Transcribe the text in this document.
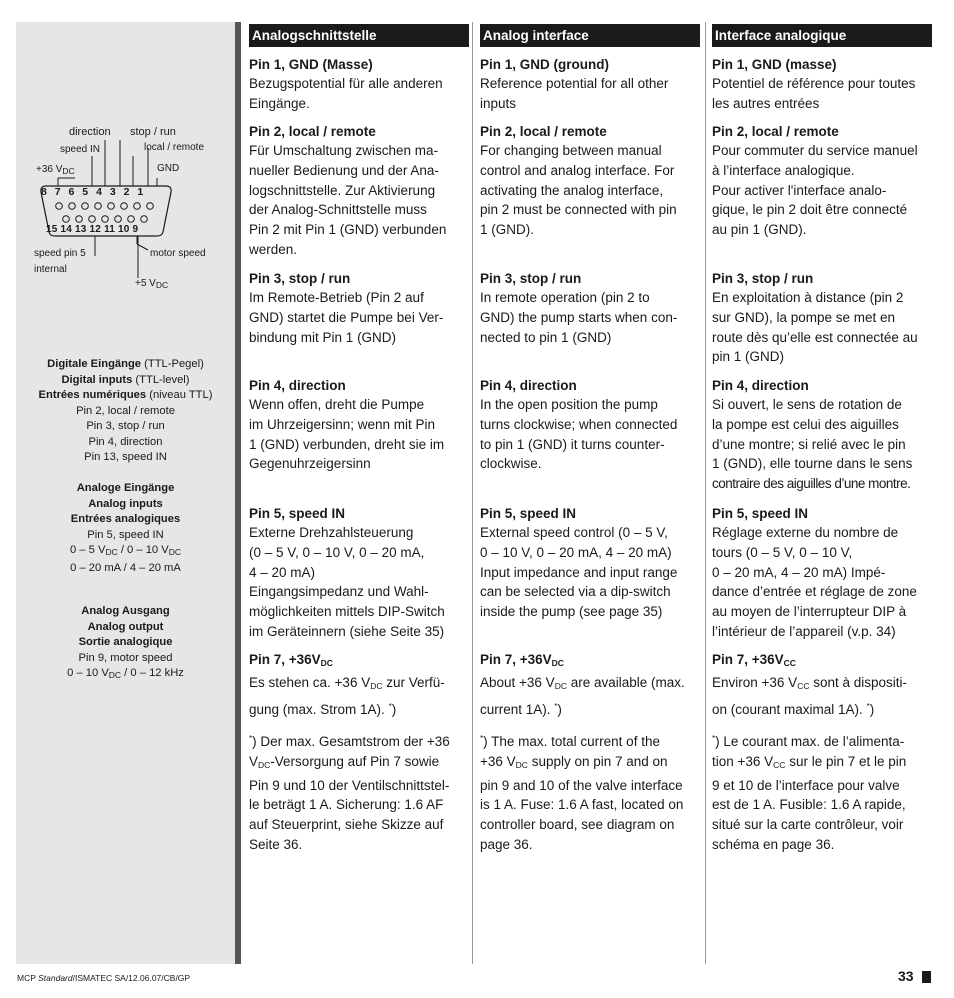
direction stop / run
speed IN	local / remote
+36 $V_{DC}$	GND
8 7 6 5 4 3 2 1
15 14 13 12 11 10 9
speed pin 5
internal
motor speed
+5 $V_{DC}$
Digitale Eingänge (TTL-Pegel)
Digital inputs (TTL-level)
Entrées numériques (niveau TTL)
Pin 2, local / remote
Pin 3, stop / run
Pin 4, direction
Pin 13, speed IN
Analoge Eingänge
Analog inputs
Entrées analogiques
Pin 5, speed IN
0 – 5 $V_{DC} / 0 - 10$ $V_{DC}$
0 – 20 mA / 4 – 20 mA
Analog Ausgang
Analog output
Sortie analogique
Pin 9, motor speed
0 – 10 $V_{DC} / 0 - 12$ kHz
Analogschnittstelle
Pin 1, GND (Masse)

Bezugspotential für alle anderen
Eingänge.

Pin 2, local / remote

Für Umschaltung zwischen ma-
nueller Bedienung und der Ana-
logschnittstelle. Zur Aktivierung
der Analog-Schnittstelle muss
Pin 2 mit Pin 1 (GND) verbunden
werden.

Pin 3, stop / run

Im Remote-Betrieb (Pin 2 auf
GND) startet die Pumpe bei Ver-
bindung mit Pin 1 (GND)

Pin 4, direction

Wenn offen, dreht die Pumpe
im Uhrzeigersinn; wenn mit Pin
1 (GND) verbunden, dreht sie im
Gegenuhrzeigersinn

Pin 5, speed IN

Externe Drehzahlsteuerung
(0 – 5 V, 0 – 10 V, 0 – 20 mA,
4 – 20 mA)
Eingangsimpedanz und Wahl-
möglichkeiten mittels DIP-Switch
im Geräteinnern (siehe Seite 35)

Pin 7, $+36V_{DC}$

Es stehen ca. +36 $V_{DC}$ zur Verfü-
gung (max. Strom 1A). *)

*) Der max. Gesamtstrom der +36
$V_{DC}$-Versorgung auf Pin 7 sowie
Pin 9 und 10 der Ventilschnittstel-
le beträgt 1 A. Sicherung: 1.6 AF
auf Steuerprint, siehe Skizze auf
Seite 36.

Analog interface
Pin 1, GND (ground)

Reference potential for all other
inputs

Pin 2, local / remote

For changing between manual
control and analog interface. For
activating the analog interface,
pin 2 must be connected with pin
1 (GND).

Pin 3, stop / run

In remote operation (pin 2 to
GND) the pump starts when con-
nected to pin 1 (GND)

Pin 4, direction

In the open position the pump
turns clockwise; when connected
to pin 1 (GND) it turns counter-
clockwise.

Pin 5, speed IN

External speed control (0 – 5 V,
0 – 10 V, 0 – 20 mA, 4 – 20 mA)
Input impedance and input range
can be selected via a dip-switch
inside the pump (see page 35)

Pin 7, $+36V_{DC}$

About +36 $V_{DC}$ are available (max.
current 1A). *)

*) The max. total current of the
+36 $V_{DC}$ supply on pin 7 and on
pin 9 and 10 of the valve interface
is 1 A. Fuse: 1.6 A fast, located on
controller board, see diagram on
page 36.

Interface analogique
Pin 1, GND (masse)

Potentiel de référence pour toutes
les autres entrées

Pin 2, local / remote

Pour commuter du service manuel
à l’interface analogique.
Pour activer l'interface analo-
gique, le pin 2 doit être connecté
au pin 1 (GND).

Pin 3, stop / run

En exploitation à distance (pin 2
sur GND), la pompe se met en
route dès qu’elle est connectée au
pin 1 (GND)

Pin 4, direction

Si ouvert, le sens de rotation de
la pompe est celui des aiguilles
d’une montre; si relié avec le pin
1 (GND), elle tourne dans le sens

contraire des aiguilles d’une montre.

Pin 5, speed IN

Réglage externe du nombre de
tours (0 – 5 V, 0 – 10 V,
0 – 20 mA, 4 – 20 mA) Impé-
dance d’entrée et réglage de zone
au moyen de l’interrupteur DIP à
l’intérieur de l’appareil (v.p. 34)

Pin 7, $+36V_{CC}$

Environ +36 $V_{CC}$ sont à dispositi-
on (courant maximal 1A). *)

*) Le courant max. de l’alimenta-
tion +36 $V_{CC}$ sur le pin 7 et le pin
9 et 10 de l’interface pour valve
est de 1 A. Fusible: 1.6 A rapide,
situé sur la carte contrôleur, voir
schéma en page 36.

MCP Standard/ISMATEC SA/12.06.07/CB/GP	33
